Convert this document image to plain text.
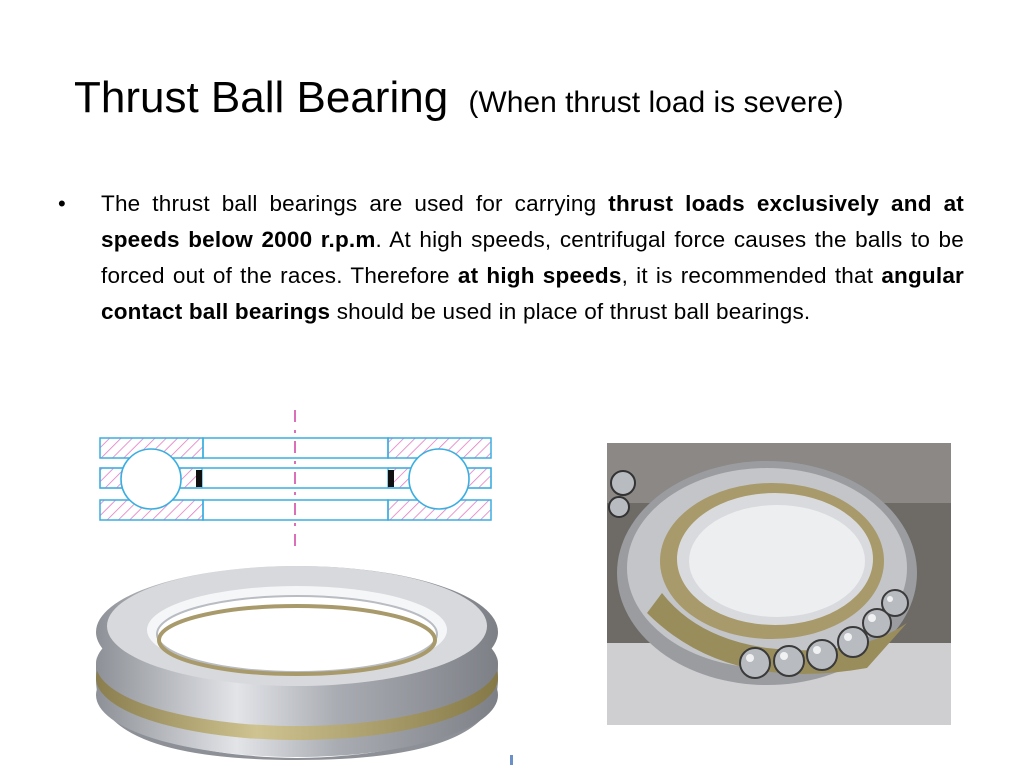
Thrust Ball Bearing (When thrust load is severe)
• The thrust ball bearings are used for carrying thrust loads exclusively and at speeds below 2000 r.p.m. At high speeds, centrifugal force causes the balls to be forced out of the races. Therefore at high speeds, it is recommended that angular contact ball bearings should be used in place of thrust ball bearings.
